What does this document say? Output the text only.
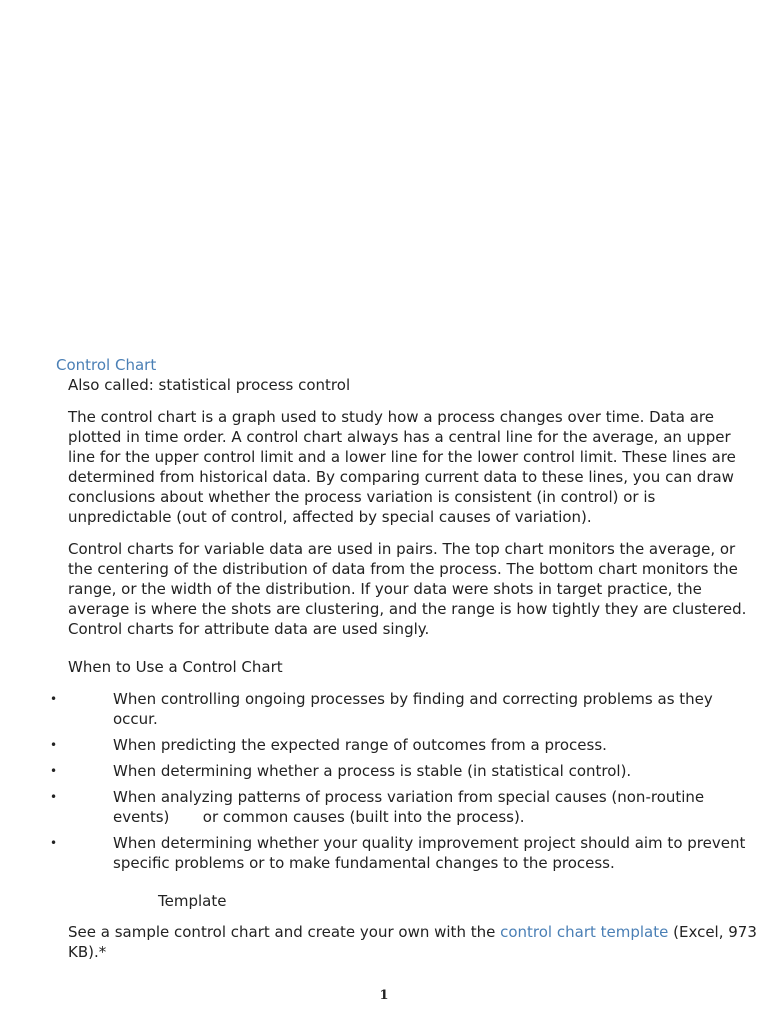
Control Chart
Also called: statistical process control
The control chart is a graph used to study how a process changes over time. Data are plotted in time order. A control chart always has a central line for the average, an upper line for the upper control limit and a lower line for the lower control limit. These lines are determined from historical data. By comparing current data to these lines, you can draw conclusions about whether the process variation is consistent (in control) or is unpredictable (out of control, affected by special causes of variation).
Control charts for variable data are used in pairs. The top chart monitors the average, or the centering of the distribution of data from the process. The bottom chart monitors the range, or the width of the distribution. If your data were shots in target practice, the average is where the shots are clustering, and the range is how tightly they are clustered. Control charts for attribute data are used singly.
When to Use a Control Chart
•	When controlling ongoing processes by finding and correcting problems as they occur.
•	When predicting the expected range of outcomes from a process.
•	When determining whether a process is stable (in statistical control).
•	When analyzing patterns of process variation from special causes (non-routine events)       or common causes (built into the process).
•	When determining whether your quality improvement project should aim to prevent specific problems or to make fundamental changes to the process.
Template
See a sample control chart and create your own with the control chart template (Excel, 973 KB).*
1
